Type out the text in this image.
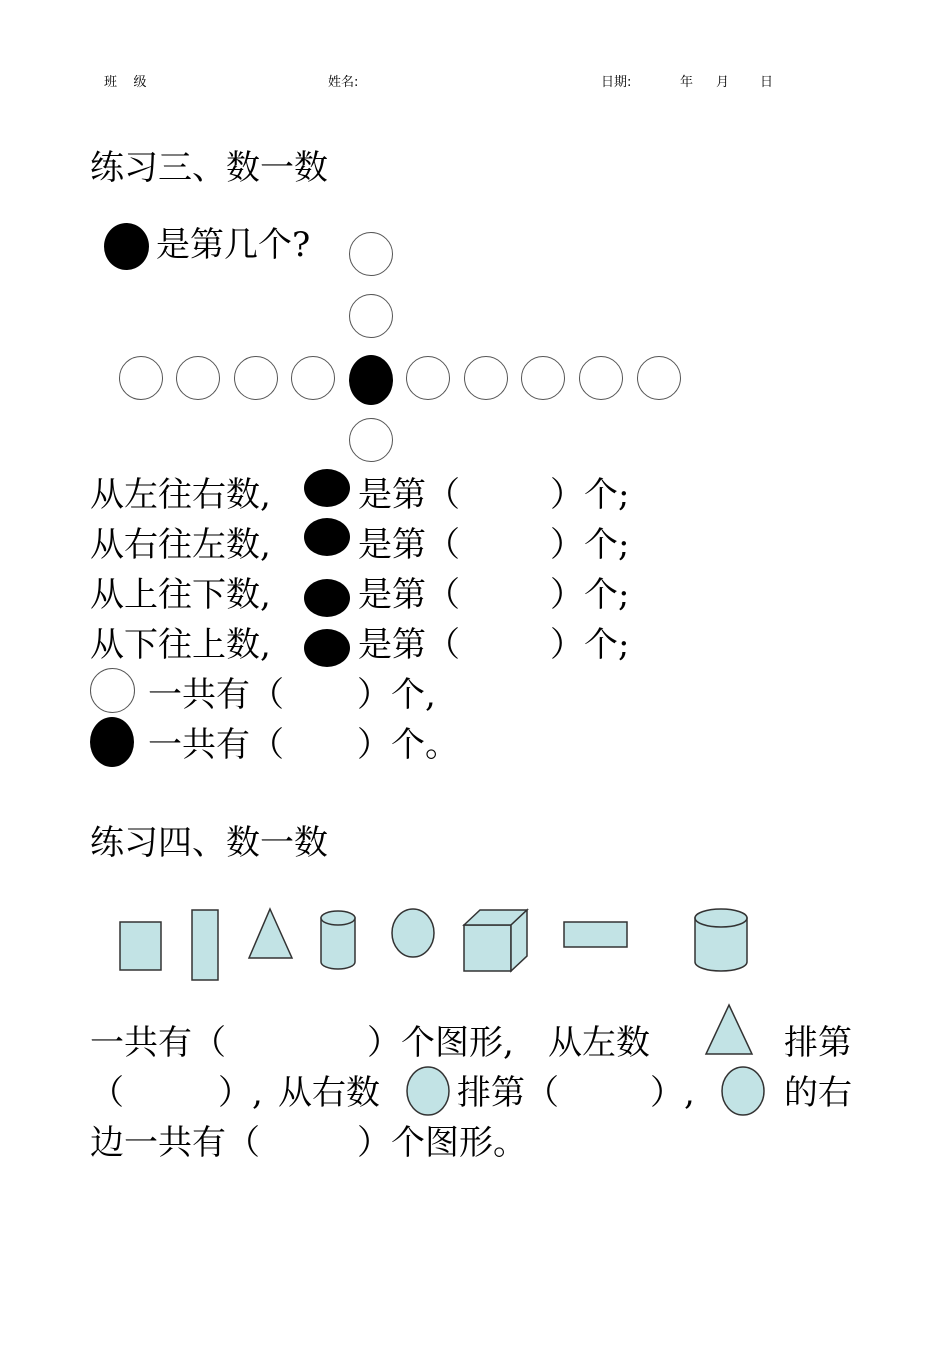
班    级	姓名:	日期:	年 月 日
练习三、数一数
是第几个?
从左往右数,	是第（	）个;
从右往左数,	是第（	）个;
从上往下数,	是第（	）个;
从下往上数,	是第（	）个;
一共有（ ）个,
一共有（ ）个。
练习四、数一数
一共有（	）个图形, 从左数	排第
（	）, 从右数 排第（	）,	的右
边一共有（	）个图形。
